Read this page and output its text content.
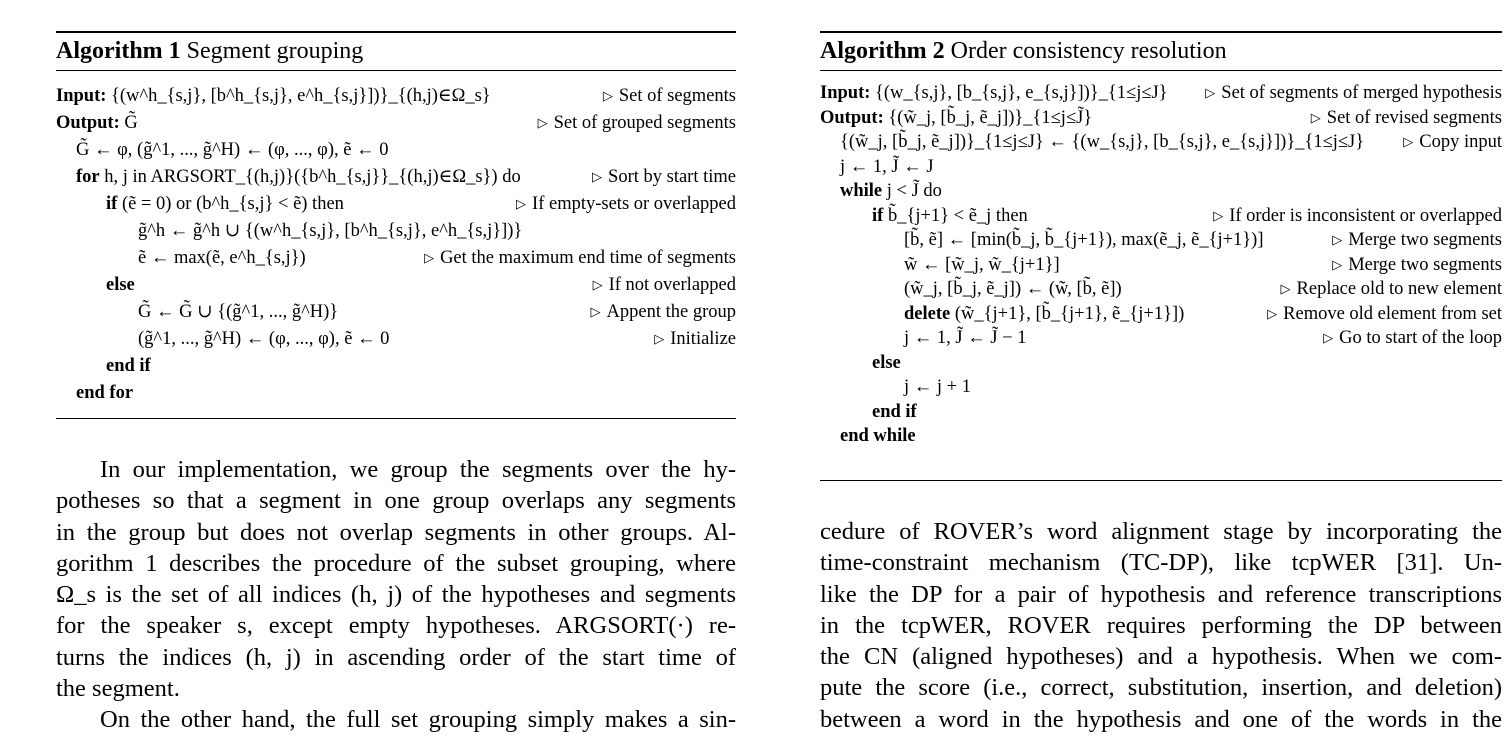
Algorithm 1 Segment grouping
Input: {(w^h_{s,j}, [b^h_{s,j}, e^h_{s,j}])}_{(h,j)∈Ω_s}	▷ Set of segments
Output: G̃	▷ Set of grouped segments
G̃ ← φ, (g̃^1, ..., g̃^H) ← (φ, ..., φ), ẽ ← 0
for h, j in ARGSORT_{(h,j)}({b^h_{s,j}}_{(h,j)∈Ω_s}) do	▷ Sort by start time
if (ẽ = 0) or (b^h_{s,j} < ẽ) then	▷ If empty-sets or overlapped
g̃^h ← g̃^h ∪ {(w^h_{s,j}, [b^h_{s,j}, e^h_{s,j}])}
ẽ ← max(ẽ, e^h_{s,j})	▷ Get the maximum end time of segments
else	▷ If not overlapped
G̃ ← G̃ ∪ {(g̃^1, ..., g̃^H)}	▷ Appent the group
(g̃^1, ..., g̃^H) ← (φ, ..., φ), ẽ ← 0	▷ Initialize
end if
end for
In our implementation, we group the segments over the hy-
potheses so that a segment in one group overlaps any segments
in the group but does not overlap segments in other groups. Al-
gorithm 1 describes the procedure of the subset grouping, where
Ω_s is the set of all indices (h, j) of the hypotheses and segments
for the speaker s, except empty hypotheses. ARGSORT(·) re-
turns the indices (h, j) in ascending order of the start time of
the segment.
On the other hand, the full set grouping simply makes a sin-
Algorithm 2 Order consistency resolution
Input: {(w_{s,j}, [b_{s,j}, e_{s,j}])}_{1≤j≤J}	▷ Set of segments of merged hypothesis
Output: {(w̃_j, [b̃_j, ẽ_j])}_{1≤j≤J̃}	▷ Set of revised segments
{(w̃_j, [b̃_j, ẽ_j])}_{1≤j≤J} ← {(w_{s,j}, [b_{s,j}, e_{s,j}])}_{1≤j≤J}	▷ Copy input
j ← 1, J̃ ← J
while j < J̃ do
if b̃_{j+1} < ẽ_j then	▷ If order is inconsistent or overlapped
[b̃, ẽ] ← [min(b̃_j, b̃_{j+1}), max(ẽ_j, ẽ_{j+1})]	▷ Merge two segments
w̃ ← [w̃_j, w̃_{j+1}]	▷ Merge two segments
(w̃_j, [b̃_j, ẽ_j]) ← (w̃, [b̃, ẽ])	▷ Replace old to new element
delete (w̃_{j+1}, [b̃_{j+1}, ẽ_{j+1}])	▷ Remove old element from set
j ← 1, J̃ ← J̃ − 1	▷ Go to start of the loop
else
j ← j + 1
end if
end while
cedure of ROVER’s word alignment stage by incorporating the
time-constraint mechanism (TC-DP), like tcpWER [31]. Un-
like the DP for a pair of hypothesis and reference transcriptions
in the tcpWER, ROVER requires performing the DP between
the CN (aligned hypotheses) and a hypothesis. When we com-
pute the score (i.e., correct, substitution, insertion, and deletion)
between a word in the hypothesis and one of the words in the
